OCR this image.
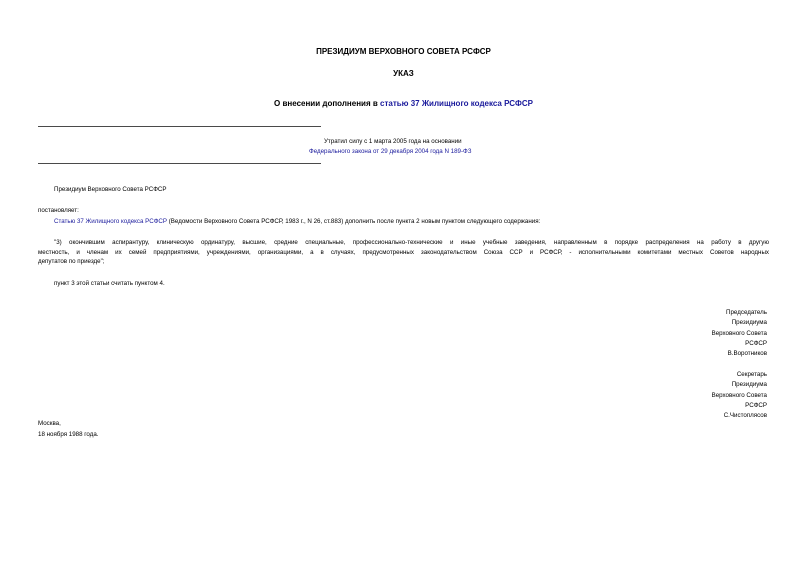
ПРЕЗИДИУМ ВЕРХОВНОГО СОВЕТА РСФСР
УКАЗ
О внесении дополнения в статью 37 Жилищного кодекса РСФСР
Утратил силу с 1 марта 2005 года на основании
Федерального закона от 29 декабря 2004 года N 189-ФЗ
Президиум Верховного Совета РСФСР
постановляет:
Статью 37 Жилищного кодекса РСФСР (Ведомости Верховного Совета РСФСР, 1983 г., N 26, ст.883) дополнить после пункта 2 новым пунктом следующего содержания:
"3) окончившим аспирантуру, клиническую ординатуру, высшие, средние специальные, профессионально-технические и иные учебные заведения, направленным в порядке распределения на работу в другую
местность, и членам их семей предприятиями, учреждениями, организациями, а в случаях, предусмотренных законодательством Союза ССР и РСФСР, - исполнительными комитетами местных Советов народных
депутатов по приезде";
пункт 3 этой статьи считать пунктом 4.
Председатель
Президиума
Верховного Совета
РСФСР
В.Воротников
Секретарь
Президиума
Верховного Совета
РСФСР
С.Чистоплясов
Москва,
18 ноября 1988 года.
